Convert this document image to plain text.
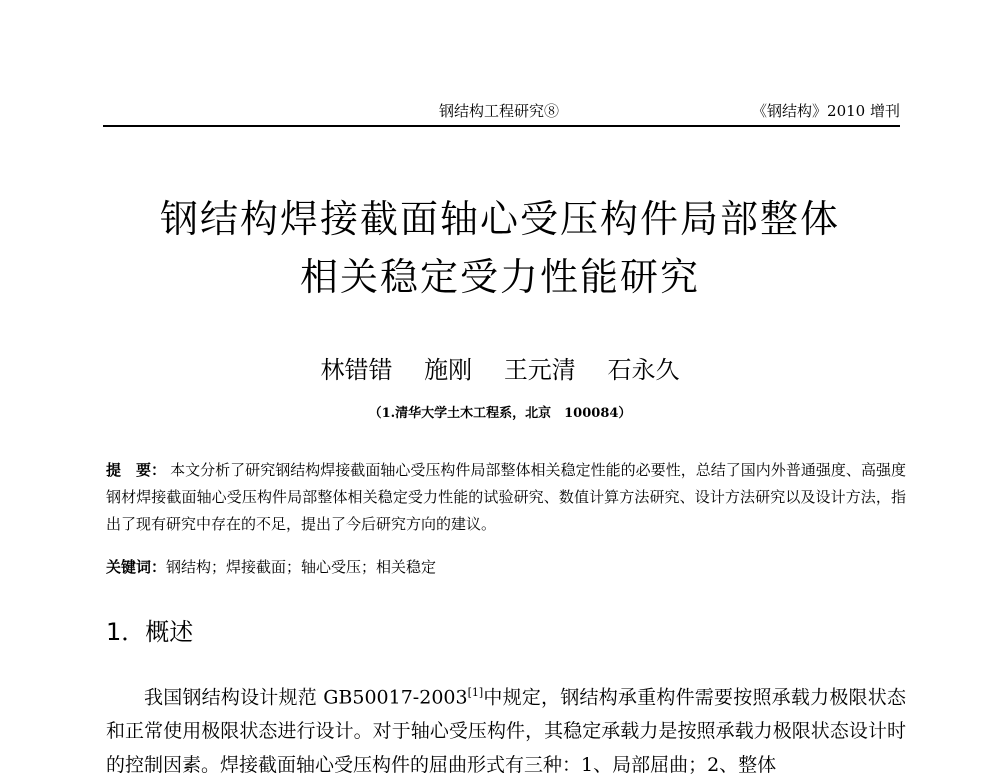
钢结构工程研究⑧	《钢结构》2010 增刊
钢结构焊接截面轴心受压构件局部整体
相关稳定受力性能研究
林错错 施刚 王元清 石永久
（1.清华大学土木工程系，北京　100084）
提　要： 本文分析了研究钢结构焊接截面轴心受压构件局部整体相关稳定性能的必要性，总结了国内外普通强度、高强度钢材焊接截面轴心受压构件局部整体相关稳定受力性能的试验研究、数值计算方法研究、设计方法研究以及设计方法，指出了现有研究中存在的不足，提出了今后研究方向的建议。
关键词：钢结构；焊接截面；轴心受压；相关稳定
1．概述
我国钢结构设计规范 GB50017-2003[1]中规定，钢结构承重构件需要按照承载力极限状态和正常使用极限状态进行设计。对于轴心受压构件，其稳定承载力是按照承载力极限状态设计时的控制因素。焊接截面轴心受压构件的屈曲形式有三种：1、局部屈曲；2、整体
